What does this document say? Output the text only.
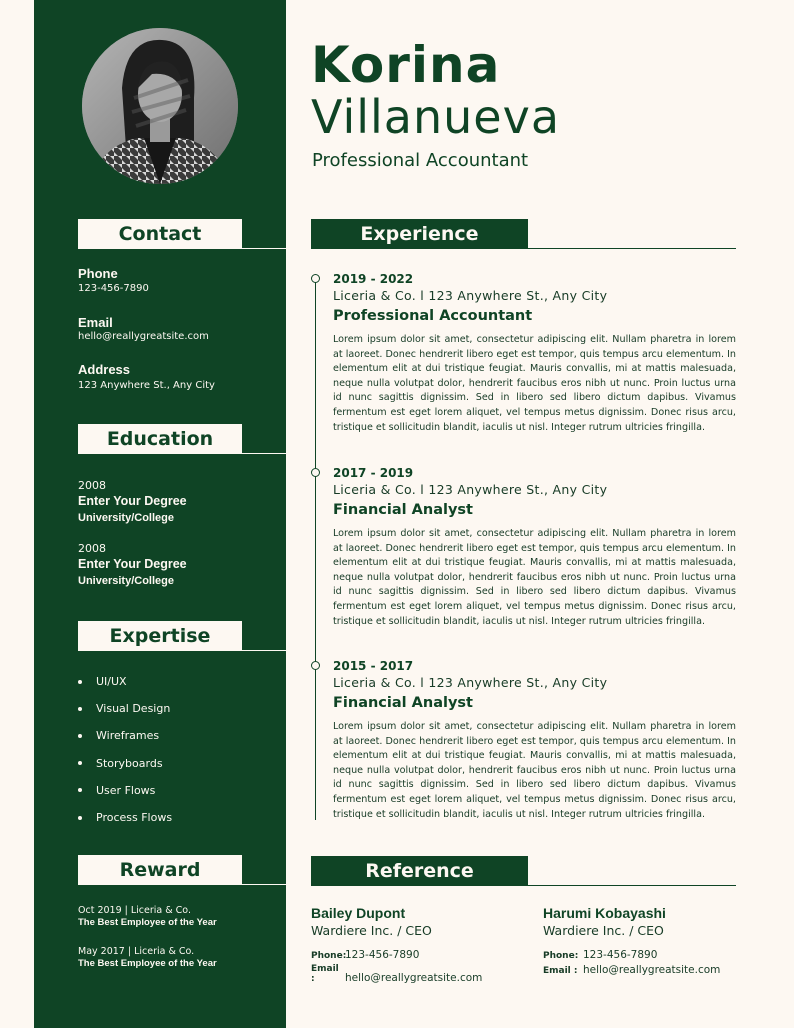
Contact
Phone
123-456-7890
Email
hello@reallygreatsite.com
Address
123 Anywhere St., Any City
Education
2008
Enter Your Degree
University/College
2008
Enter Your Degree
University/College
Expertise
UI/UX
Visual Design
Wireframes
Storyboards
User Flows
Process Flows
Reward
Oct 2019 | Liceria & Co.
The Best Employee of the Year
May 2017 | Liceria & Co.
The Best Employee of the Year
Korina
Villanueva
Professional Accountant
Experience
2019 - 2022
Liceria & Co. l 123 Anywhere St., Any City
Professional Accountant
Lorem ipsum dolor sit amet, consectetur adipiscing elit. Nullam pharetra in lorem at laoreet. Donec hendrerit libero eget est tempor, quis tempus arcu elementum. In elementum elit at dui tristique feugiat. Mauris convallis, mi at mattis malesuada, neque nulla volutpat dolor, hendrerit faucibus eros nibh ut nunc. Proin luctus urna id nunc sagittis dignissim. Sed in libero sed libero dictum dapibus. Vivamus fermentum est eget lorem aliquet, vel tempus metus dignissim. Donec risus arcu, tristique et sollicitudin blandit, iaculis ut nisl. Integer rutrum ultricies fringilla.
2017 - 2019
Liceria & Co. l 123 Anywhere St., Any City
Financial Analyst
Lorem ipsum dolor sit amet, consectetur adipiscing elit. Nullam pharetra in lorem at laoreet. Donec hendrerit libero eget est tempor, quis tempus arcu elementum. In elementum elit at dui tristique feugiat. Mauris convallis, mi at mattis malesuada, neque nulla volutpat dolor, hendrerit faucibus eros nibh ut nunc. Proin luctus urna id nunc sagittis dignissim. Sed in libero sed libero dictum dapibus. Vivamus fermentum est eget lorem aliquet, vel tempus metus dignissim. Donec risus arcu, tristique et sollicitudin blandit, iaculis ut nisl. Integer rutrum ultricies fringilla.
2015 - 2017
Liceria & Co. l 123 Anywhere St., Any City
Financial Analyst
Lorem ipsum dolor sit amet, consectetur adipiscing elit. Nullam pharetra in lorem at laoreet. Donec hendrerit libero eget est tempor, quis tempus arcu elementum. In elementum elit at dui tristique feugiat. Mauris convallis, mi at mattis malesuada, neque nulla volutpat dolor, hendrerit faucibus eros nibh ut nunc. Proin luctus urna id nunc sagittis dignissim. Sed in libero sed libero dictum dapibus. Vivamus fermentum est eget lorem aliquet, vel tempus metus dignissim. Donec risus arcu, tristique et sollicitudin blandit, iaculis ut nisl. Integer rutrum ultricies fringilla.
Reference
Bailey Dupont
Wardiere Inc. / CEO
Phone:123-456-7890
Email :	hello@reallygreatsite.com
Harumi Kobayashi
Wardiere Inc. / CEO
Phone: 123-456-7890
Email : hello@reallygreatsite.com
